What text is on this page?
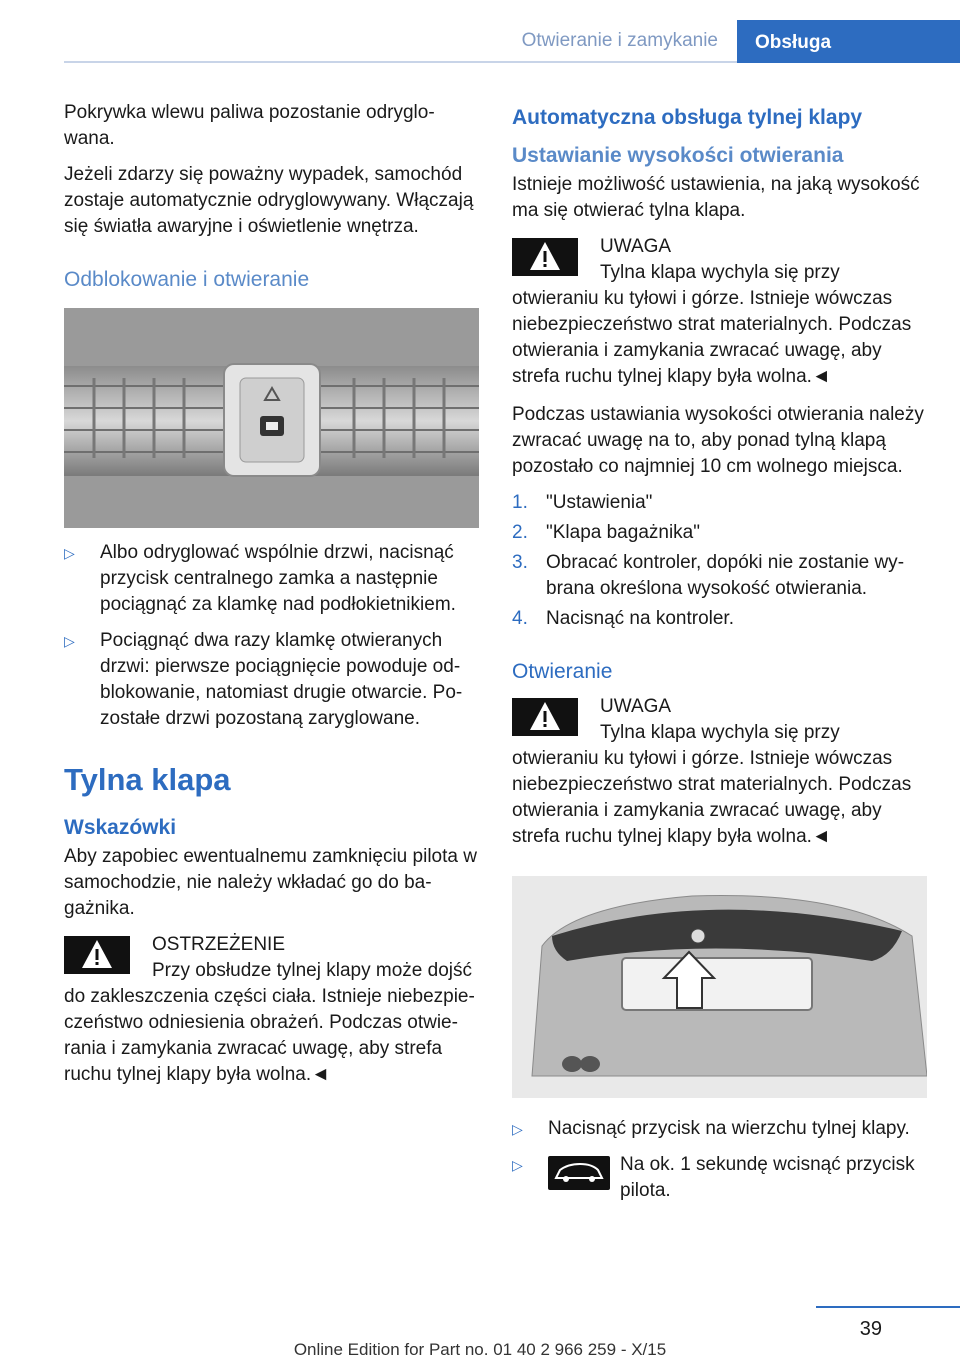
Otwieranie i zamykanie	Obsługa

Pokrywka wlewu paliwa pozostanie odryglowana.

Jeżeli zdarzy się poważny wypadek, samochód zostaje automatycznie odryglowywany. Włączają się światła awaryjne i oświetlenie wnętrza.

Odblokowanie i otwieranie
▷ Albo odryglować wspólnie drzwi, nacisnąć przycisk centralnego zamka a następnie pociągnąć za klamkę nad podłokietnikiem.
▷ Pociągnąć dwa razy klamkę otwieranych drzwi: pierwsze pociągnięcie powoduje odblokowanie, natomiast drugie otwarcie. Pozostałe drzwi pozostaną zaryglowane.
Tylna klapa
Wskazówki

Aby zapobiec ewentualnemu zamknięciu pilota w samochodzie, nie należy wkładać go do bagażnika.

OSTRZEŻENIE
Przy obsłudze tylnej klapy może dojść do zakleszczenia części ciała. Istnieje niebezpieczeństwo odniesienia obrażeń. Podczas otwierania i zamykania zwracać uwagę, aby strefa ruchu tylnej klapy była wolna.◄
Automatyczna obsługa tylnej klapy
Ustawianie wysokości otwierania

Istnieje możliwość ustawienia, na jaką wysokość ma się otwierać tylna klapa.

UWAGA
Tylna klapa wychyla się przy otwieraniu ku tyłowi i górze. Istnieje wówczas niebezpieczeństwo strat materialnych. Podczas otwierania i zamykania zwracać uwagę, aby strefa ruchu tylnej klapy była wolna.◄

Podczas ustawiania wysokości otwierania należy zwracać uwagę na to, aby ponad tylną klapą pozostało co najmniej 10 cm wolnego miejsca.

1. "Ustawienia"
2. "Klapa bagażnika"
3. Obracać kontroler, dopóki nie zostanie wybrana określona wysokość otwierania.
4. Nacisnąć na kontroler.
Otwieranie
UWAGA
Tylna klapa wychyla się przy otwieraniu ku tyłowi i górze. Istnieje wówczas niebezpieczeństwo strat materialnych. Podczas otwierania i zamykania zwracać uwagę, aby strefa ruchu tylnej klapy była wolna.◄
▷ Nacisnąć przycisk na wierzchu tylnej klapy.
▷	Na ok. 1 sekundę wcisnąć przycisk pilota.
39
Online Edition for Part no. 01 40 2 966 259 - X/15
